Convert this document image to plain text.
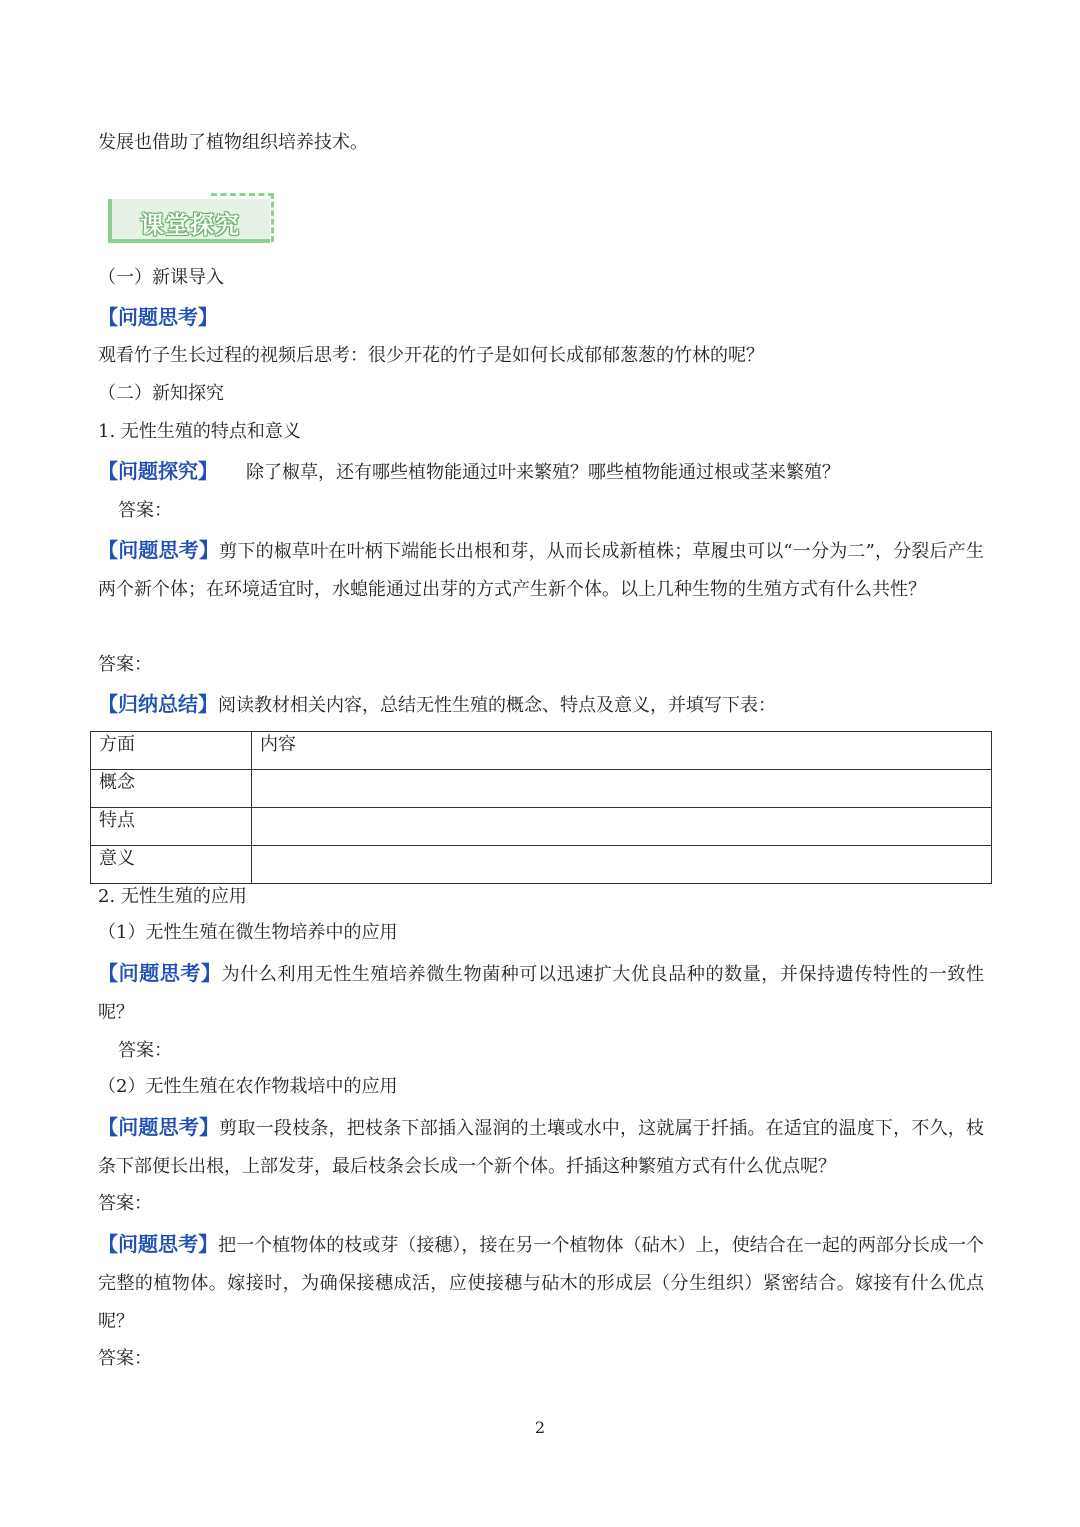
发展也借助了植物组织培养技术。
课堂探究
（一）新课导入
【问题思考】
观看竹子生长过程的视频后思考：很少开花的竹子是如何长成郁郁葱葱的竹林的呢？
（二）新知探究
1. 无性生殖的特点和意义
【问题探究】 除了椒草，还有哪些植物能通过叶来繁殖？哪些植物能通过根或茎来繁殖？
答案：
【问题思考】剪下的椒草叶在叶柄下端能长出根和芽，从而长成新植株；草履虫可以“一分为二”，分裂后产生两个新个体；在环境适宜时，水螅能通过出芽的方式产生新个体。以上几种生物的生殖方式有什么共性？
答案：
【归纳总结】阅读教材相关内容，总结无性生殖的概念、特点及意义，并填写下表：
方面	内容
概念	
特点	
意义	
2. 无性生殖的应用
（1）无性生殖在微生物培养中的应用
【问题思考】为什么利用无性生殖培养微生物菌种可以迅速扩大优良品种的数量，并保持遗传特性的一致性呢？
答案：
（2）无性生殖在农作物栽培中的应用
【问题思考】剪取一段枝条，把枝条下部插入湿润的土壤或水中，这就属于扦插。在适宜的温度下，不久，枝条下部便长出根，上部发芽，最后枝条会长成一个新个体。扦插这种繁殖方式有什么优点呢？
答案：
【问题思考】把一个植物体的枝或芽（接穗），接在另一个植物体（砧木）上，使结合在一起的两部分长成一个完整的植物体。嫁接时，为确保接穗成活，应使接穗与砧木的形成层（分生组织）紧密结合。嫁接有什么优点呢？
答案：
2
